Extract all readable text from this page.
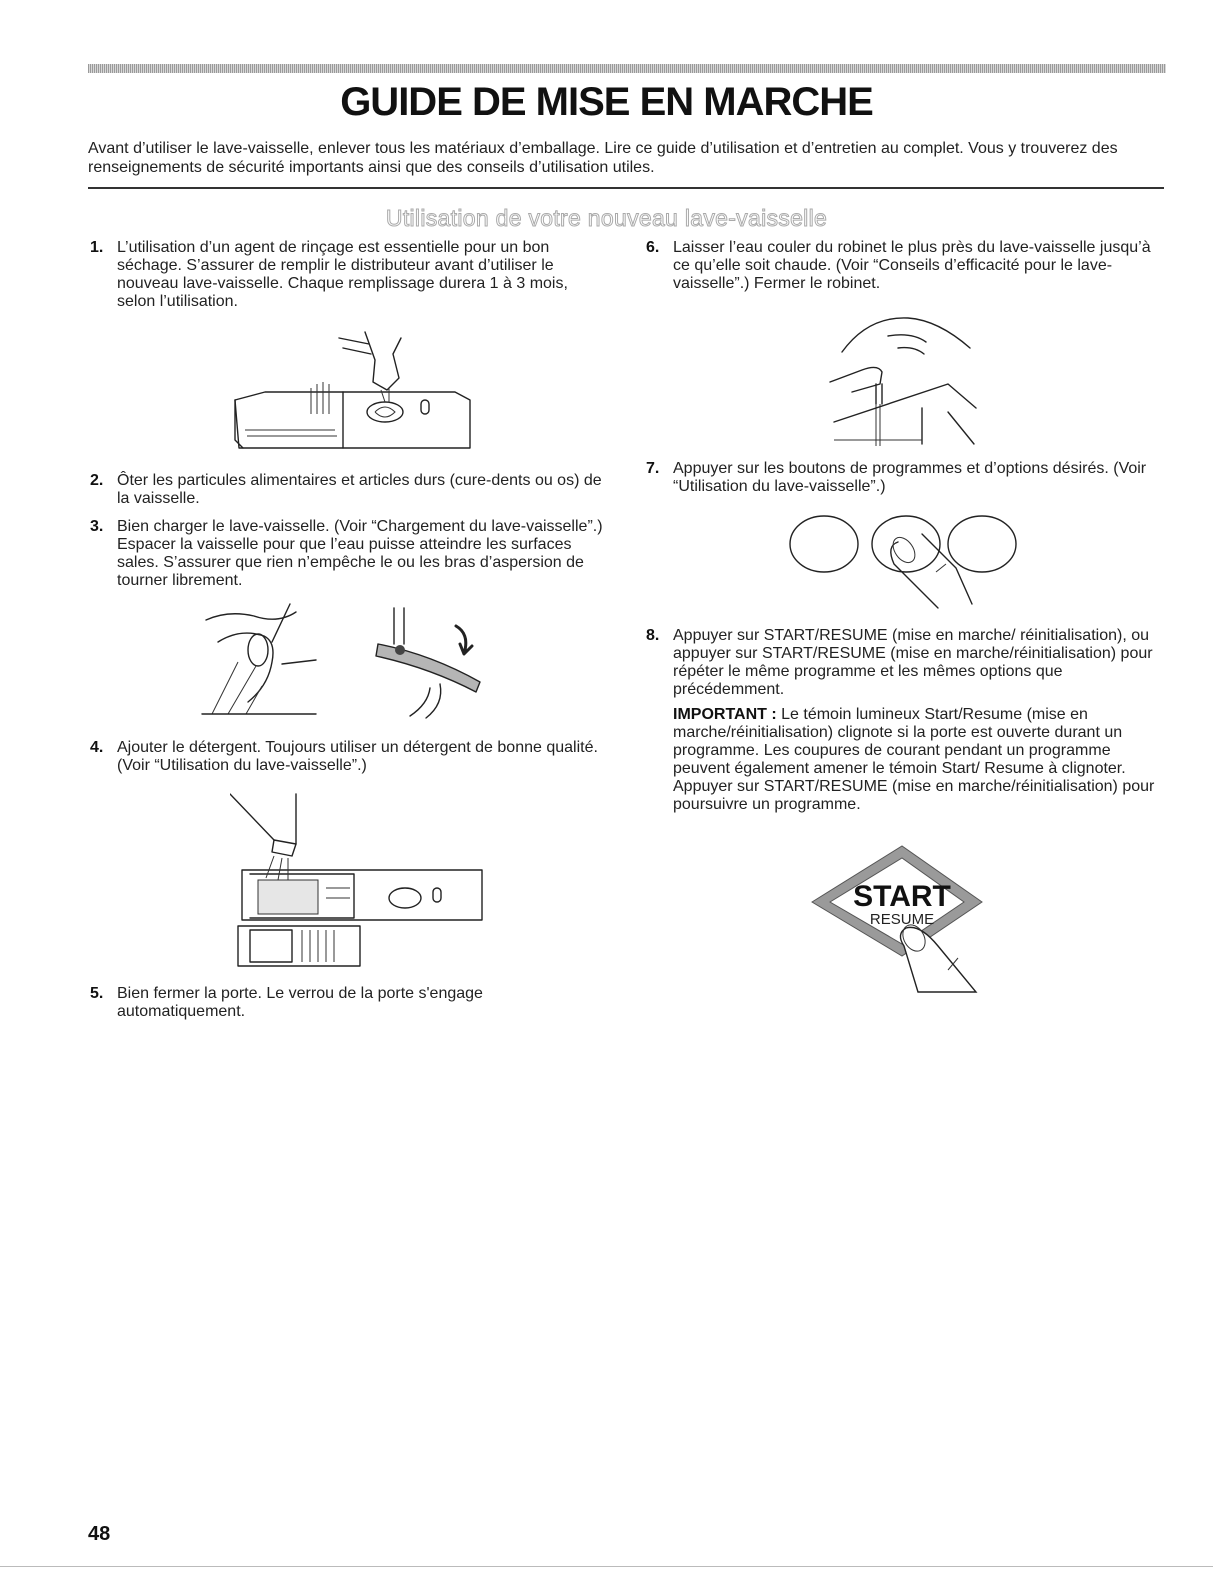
GUIDE DE MISE EN MARCHE
Avant d’utiliser le lave-vaisselle, enlever tous les matériaux d’emballage. Lire ce guide d’utilisation et d’entretien au complet. Vous y trouverez des renseignements de sécurité importants ainsi que des conseils d’utilisation utiles.
Utilisation de votre nouveau lave-vaisselle
1. L’utilisation d’un agent de rinçage est essentielle pour un bon séchage. S’assurer de remplir le distributeur avant d’utiliser le nouveau lave-vaisselle. Chaque remplissage durera 1 à 3 mois, selon l’utilisation.

2. Ôter les particules alimentaires et articles durs (cure-dents ou os) de la vaisselle.

3. Bien charger le lave-vaisselle. (Voir “Chargement du lave-vaisselle”.) Espacer la vaisselle pour que l’eau puisse atteindre les surfaces sales. S’assurer que rien n’empêche le ou les bras d’aspersion de tourner librement.

4. Ajouter le détergent. Toujours utiliser un détergent de bonne qualité. (Voir “Utilisation du lave-vaisselle”.)

5. Bien fermer la porte. Le verrou de la porte s'engage automatiquement.

6. Laisser l’eau couler du robinet le plus près du lave-vaisselle jusqu’à ce qu’elle soit chaude. (Voir “Conseils d’efficacité pour le lave-vaisselle”.) Fermer le robinet.

7. Appuyer sur les boutons de programmes et d’options désirés. (Voir “Utilisation du lave-vaisselle”.)

8. Appuyer sur START/RESUME (mise en marche/ réinitialisation), ou appuyer sur START/RESUME (mise en marche/réinitialisation) pour répéter le même programme et les mêmes options que précédemment.

IMPORTANT : Le témoin lumineux Start/Resume (mise en marche/réinitialisation) clignote si la porte est ouverte durant un programme. Les coupures de courant pendant un programme peuvent également amener le témoin Start/ Resume à clignoter. Appuyer sur START/RESUME (mise en marche/réinitialisation) pour poursuivre un programme.

START
RESUME
48
